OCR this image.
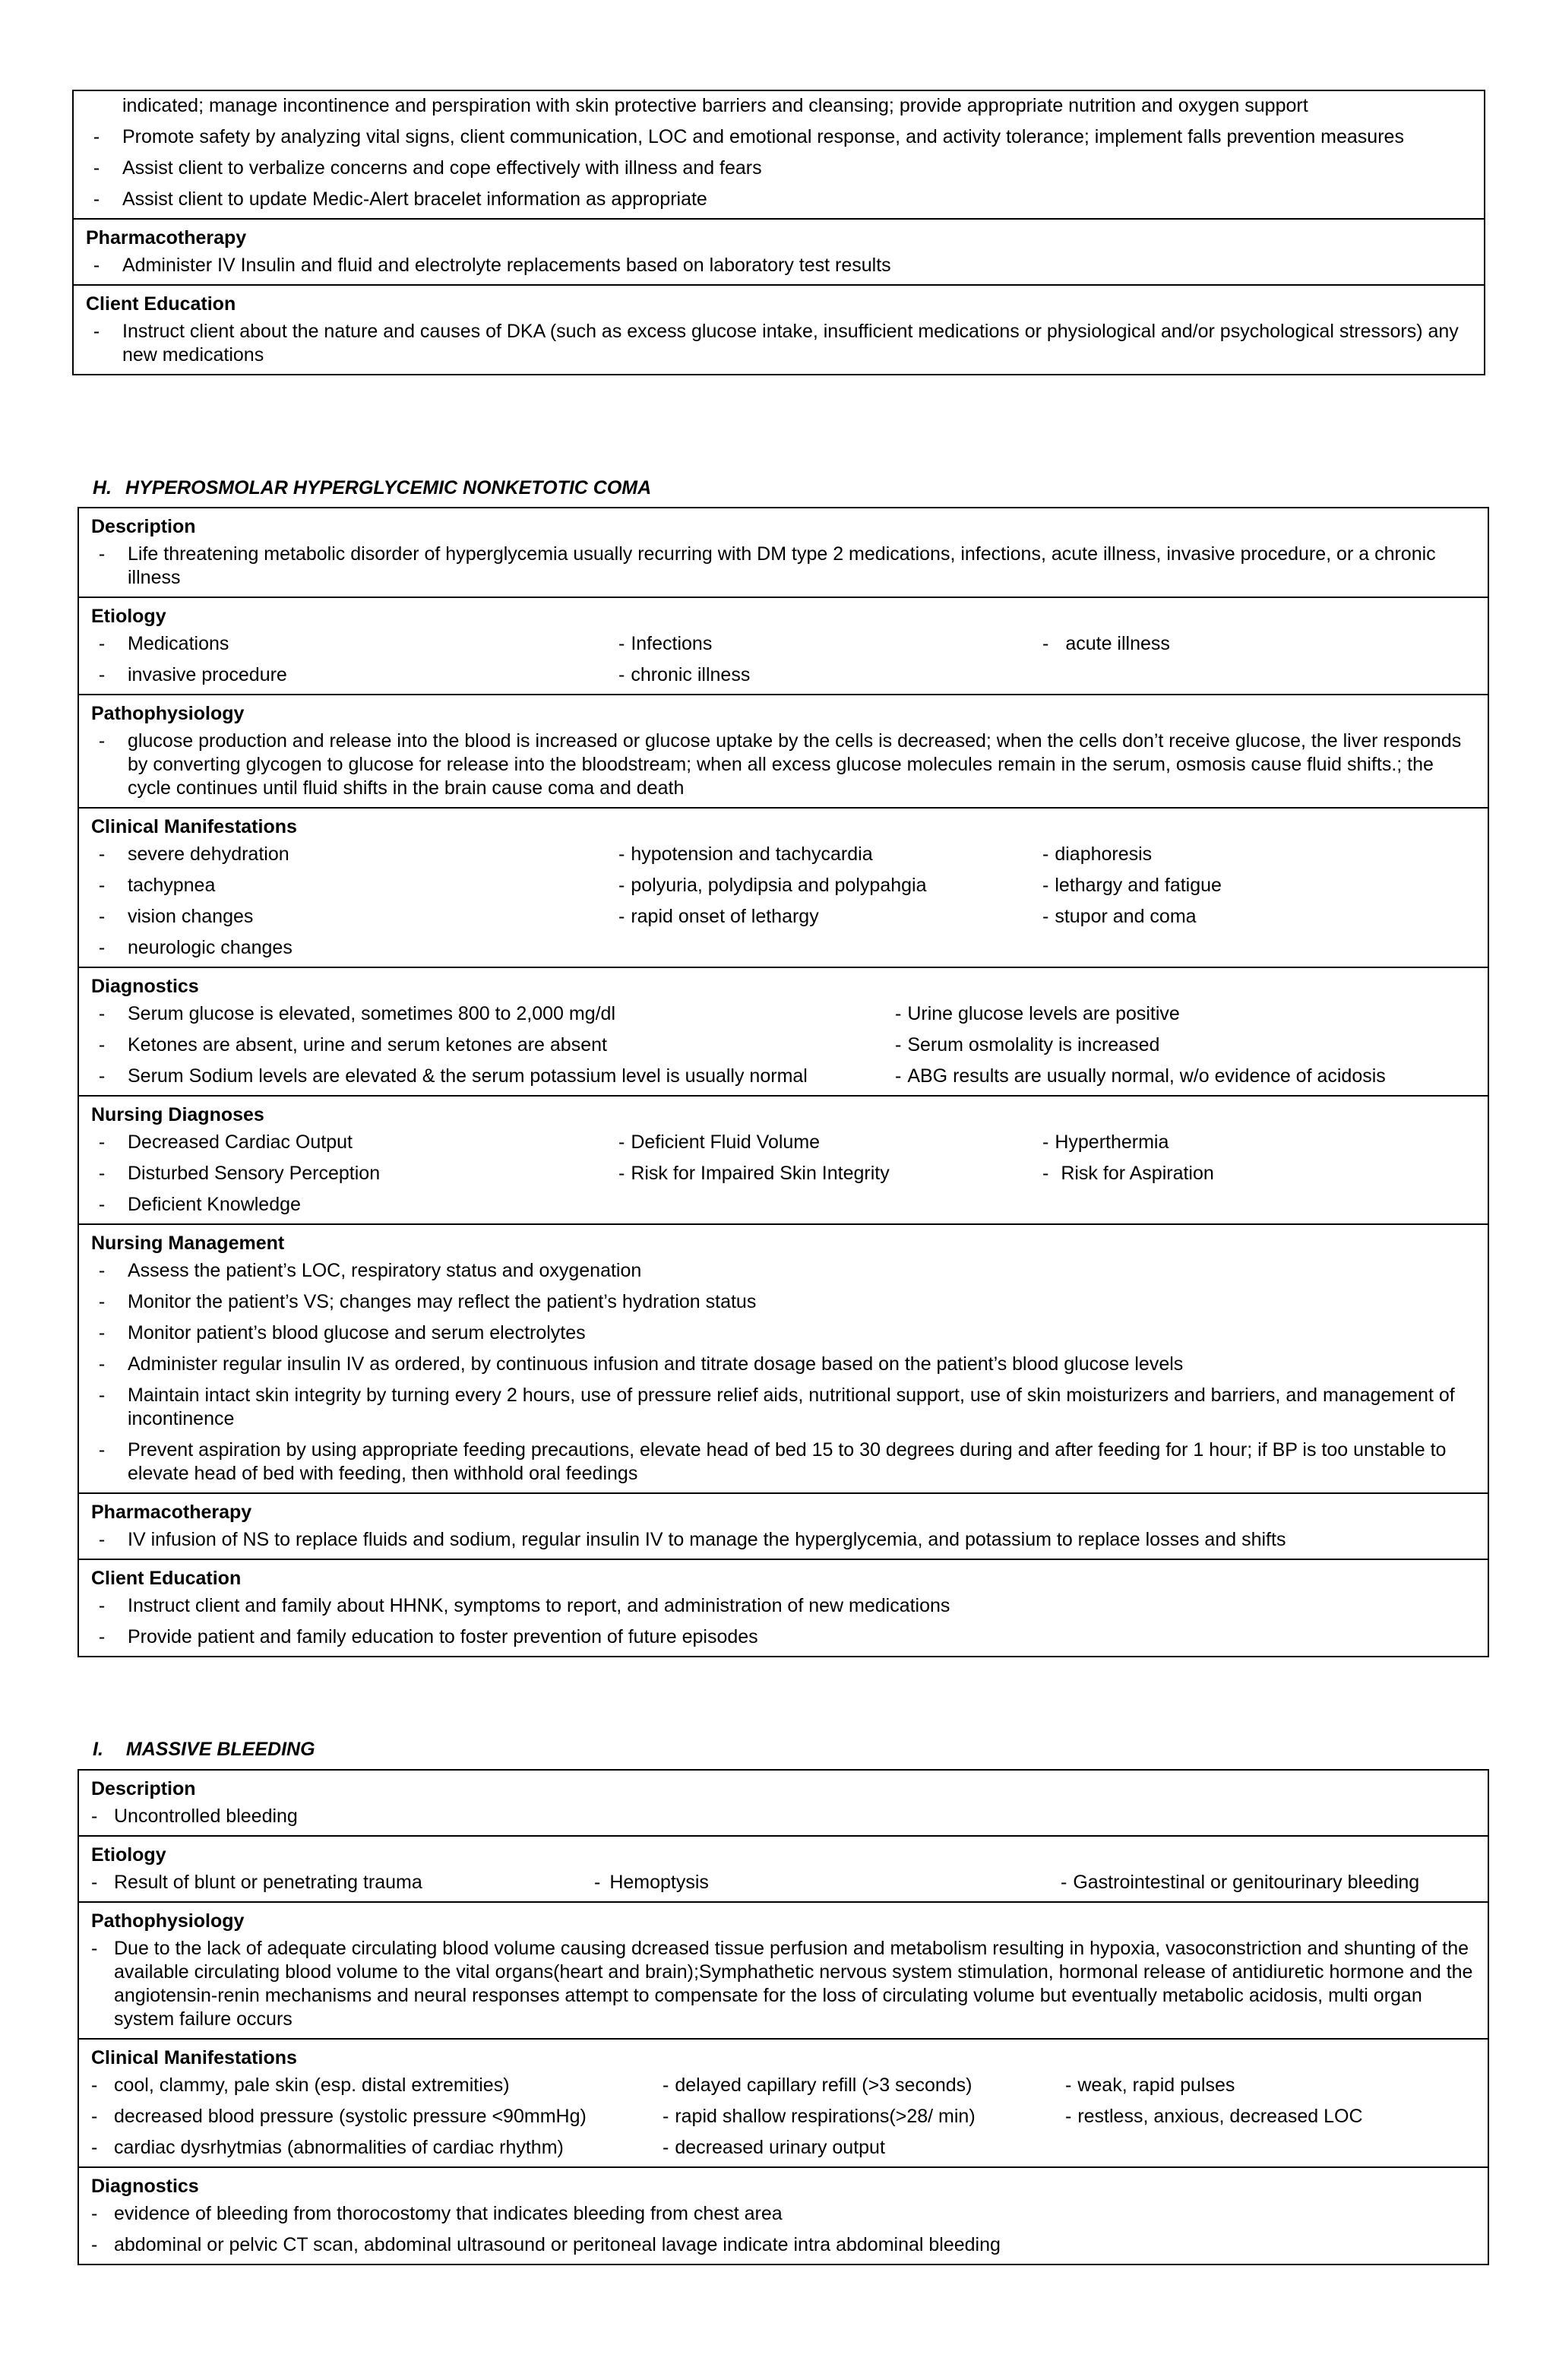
indicated; manage incontinence and perspiration with skin protective barriers and cleansing; provide appropriate nutrition and oxygen support
-	Promote safety by analyzing vital signs, client communication, LOC and emotional response, and activity tolerance; implement falls prevention measures
-	Assist client to verbalize concerns and cope effectively with illness and fears
-	Assist client to update Medic-Alert bracelet information as appropriate
Pharmacotherapy
-	Administer IV Insulin and fluid and electrolyte replacements based on laboratory test results
Client Education
-	Instruct client about the nature and causes of DKA (such as excess glucose intake, insufficient medications or physiological and/or psychological stressors) any new medications
H. HYPEROSMOLAR HYPERGLYCEMIC NONKETOTIC COMA
Description
-	Life threatening metabolic disorder of hyperglycemia usually recurring with DM type 2 medications, infections, acute illness, invasive procedure, or a chronic illness
Etiology
-	Medications	- Infections	- acute illness
-	invasive procedure	- chronic illness
Pathophysiology
-	glucose production and release into the blood is increased or glucose uptake by the cells is decreased; when the cells don’t receive glucose, the liver responds by converting glycogen to glucose for release into the bloodstream; when all excess glucose molecules remain in the serum, osmosis cause fluid shifts.; the cycle continues until fluid shifts in the brain cause coma and death
Clinical Manifestations
-	severe dehydration	- hypotension and tachycardia	- diaphoresis
-	tachypnea	- polyuria, polydipsia and polypahgia	- lethargy and fatigue
-	vision changes	- rapid onset of lethargy	- stupor and coma
-	neurologic changes
Diagnostics
-	Serum glucose is elevated, sometimes 800 to 2,000 mg/dl	- Urine glucose levels are positive
-	Ketones are absent, urine and serum ketones are absent	- Serum osmolality is increased
-	Serum Sodium levels are elevated & the serum potassium level is usually normal	- ABG results are usually normal, w/o evidence of acidosis
Nursing Diagnoses
-	Decreased Cardiac Output	- Deficient Fluid Volume	- Hyperthermia
-	Disturbed Sensory Perception	- Risk for Impaired Skin Integrity	- Risk for Aspiration
-	Deficient Knowledge
Nursing Management
-	Assess the patient’s LOC, respiratory status and oxygenation
-	Monitor the patient’s VS; changes may reflect the patient’s hydration status
-	Monitor patient’s blood glucose and serum electrolytes
-	Administer regular insulin IV as ordered, by continuous infusion and titrate dosage based on the patient’s blood glucose levels
-	Maintain intact skin integrity by turning every 2 hours, use of pressure relief aids, nutritional support, use of skin moisturizers and barriers, and management of incontinence
-	Prevent aspiration by using appropriate feeding precautions, elevate head of bed 15 to 30 degrees during and after feeding for 1 hour; if BP is too unstable to elevate head of bed with feeding, then withhold oral feedings
Pharmacotherapy
-	IV infusion of NS to replace fluids and sodium, regular insulin IV to manage the hyperglycemia, and potassium to replace losses and shifts
Client Education
-	Instruct client and family about HHNK, symptoms to report, and administration of new medications
-	Provide patient and family education to foster prevention of future episodes
I. MASSIVE BLEEDING
Description
- Uncontrolled bleeding
Etiology
- Result of blunt or penetrating trauma	- Hemoptysis	- Gastrointestinal or genitourinary bleeding
Pathophysiology
- Due to the lack of adequate circulating blood volume causing dcreased tissue perfusion and metabolism resulting in hypoxia, vasoconstriction and shunting of the available circulating blood volume to the vital organs(heart and brain);Symphathetic nervous system stimulation, hormonal release of antidiuretic hormone and the angiotensin-renin mechanisms and neural responses attempt to compensate for the loss of circulating volume but eventually metabolic acidosis, multi organ system failure occurs
Clinical Manifestations
- cool, clammy, pale skin (esp. distal extremities)	- delayed capillary refill (>3 seconds)	- weak, rapid pulses
- decreased blood pressure (systolic pressure <90mmHg)	- rapid shallow respirations(>28/ min)	- restless, anxious, decreased LOC
- cardiac dysrhytmias (abnormalities of cardiac rhythm)	- decreased urinary output
Diagnostics
- evidence of bleeding from thorocostomy that indicates bleeding from chest area
- abdominal or pelvic CT scan, abdominal ultrasound or peritoneal lavage indicate intra abdominal bleeding
